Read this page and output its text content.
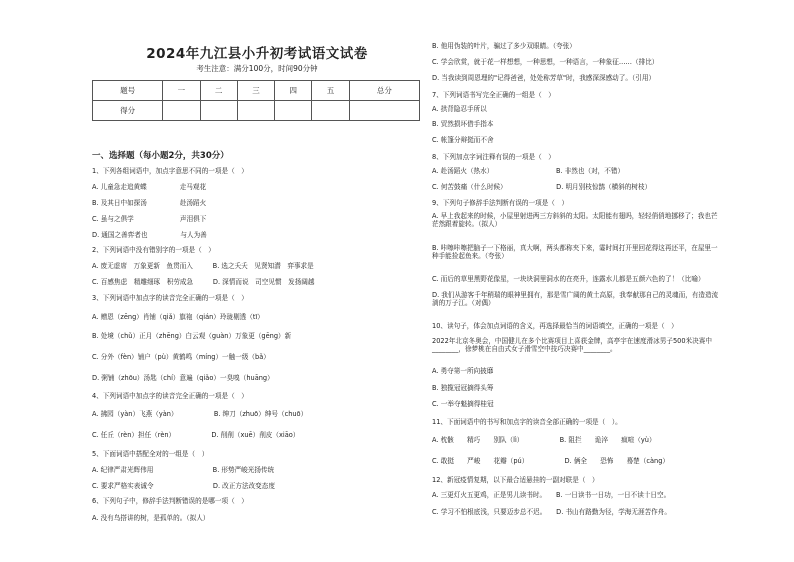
2024年九江县小升初考试语文试卷
考生注意：满分100分，时间90分钟
题号	一	二	三	四	五	总分
得分						
一、选择题（每小题2分，共30分）
1、下列各组词语中，加点字意思不同的一项是（　）
A. 儿童急走追黄蝶　　　　　走马观花
B. 及其日中如探汤　　　　　赴汤蹈火
C. 虽与之俱学　　　　　　　声泪俱下
D. 通国之善弈者也　　　　　与人为善
2、下列词语中没有错别字的一项是（　）
A. 废无虚席　万象更新　鱼贯而入　　　B. 选之夭夭　见贤知潜　弈事求是
C. 百感焦虑　精雕细琢　积劳成急　　　D. 深情而说　司空见惯　发扬阔越
3、下列词语中加点字的读音完全正确的一项是（　）
A. 赠恩（zēng）肖铺（qiǎ）旗袍（qián）玲珑剔透（tī）
B. 处境（chǔ）正月（zhēng）白云观（guàn）万象更（gēng）新
C. 分外（fèn）铺户（pù）黄鹤鸣（míng）一触一级（bǎ）
D. 粥铺（zhōu）汤匙（chí）意遍（qiǎo）一臭嗅（huāng）
4、下列词语中加点字的读音完全正确的一项是（　）
A. 拂园（yàn）飞燕（yàn）　　　　　　B. 绅刀（zhuō）绅号（chuō）
C. 任丘（rèn）担任（rèn）　　　　　　D. 削削（xuē）削皮（xiāo）
5、下面词语中搭配全对的一组是（　）
A. 纪律严肃光辉伟用　　　　　　　　　B. 形势严峻光扬传统
C. 要求严格实表诚令　　　　　　　　　D. 改正方法改变态度
6、下列句子中，修辞手法判断错误的是哪一项（　）
A. 没有鸟搭讲的树，是孤单的。（拟人）
B. 他用伪装的叶片，骗过了多少双眼睛。（夸张）
C. 学会欣赏，就于花一样想想，一种思想，一种语言，一种象征……（排比）
D. 当我读到周恩理的"记得爸爸，处处称芳草"时，我感深深感动了。（引用）
7、下列词语书写完全正确的一组是（　）
A. 拱背隐忍手所以
B. 贸然损坏借手指本
C. 帐篷分辩挺而不舍
8、下列加点字词注释有误的一项是（　）
A. 赴汤蹈火（热水）　　　　　　　　　　B. 非然也（对，不错）
C. 何苦鼓痛（什么时候）　　　　　　　　D. 明月别枝惊鹊（横斜的树枝）
9、下列句子修辞手法判断有误的一项是（　）
A. 早上我起来的时候，小屋里射进两三方斜斜的太阳。太阳能有翅吗，轻轻俏俏地挪移了；我也芒茫然跟着旋转。（拟人）
B. 咔嚓咔嚓把脑子一下格丽，真大啊，两头都称夹下来，霎时间打开里回花得这再还平，在屋里一种手能捡起鱼来。（夸张）
C. 而后的草里黑野花像星，一块块洞里洞水的在亮升，连露水儿都是五颜六色的了！（比喻）
D. 我们从游客千年稍瑞的眼神里拥有，那是雪广阔的黄土高原，我奉献那自己的灵魂而，有造造流淌的万子江。（对偶）
10、读句子，体会加点词语的含义，再选择最恰当的词语填空，正确的一项是（　）
2022年北京冬奥会，中国健儿在多个比赛项目上喜获金牌，高亭宇在速度滑冰男子500米决赛中________，徐梦桃在自由式女子滑雪空中技巧决赛中________。
A. 勇夺第一所向披靡
B. 独揽冠冠摘得头筹
C. 一举夺魁摘得桂冠
11、下面词语中的书写和加点字的读音全部正确的一项是（　）。
A. 枕骸　　精巧　　别队（lì）　　　　　　B. 阻拦　　诡淬　　疯喧（yù）
C. 敢挺　　严峻　　花瓣（pú）　　　　　　D. 俩全　　恐怖　　蓦楚（càng）
12、新冠疫情复期，以下最合适悬挂的一副对联是（　）
A. 三更灯火五更鸡，正是男儿读书时。　　B. 一日读书一日功，一日不读十日空。
C. 学习不怕根底浅，只要迈步总不迟。　　D. 书山有路勤为径，学海无涯苦作舟。
